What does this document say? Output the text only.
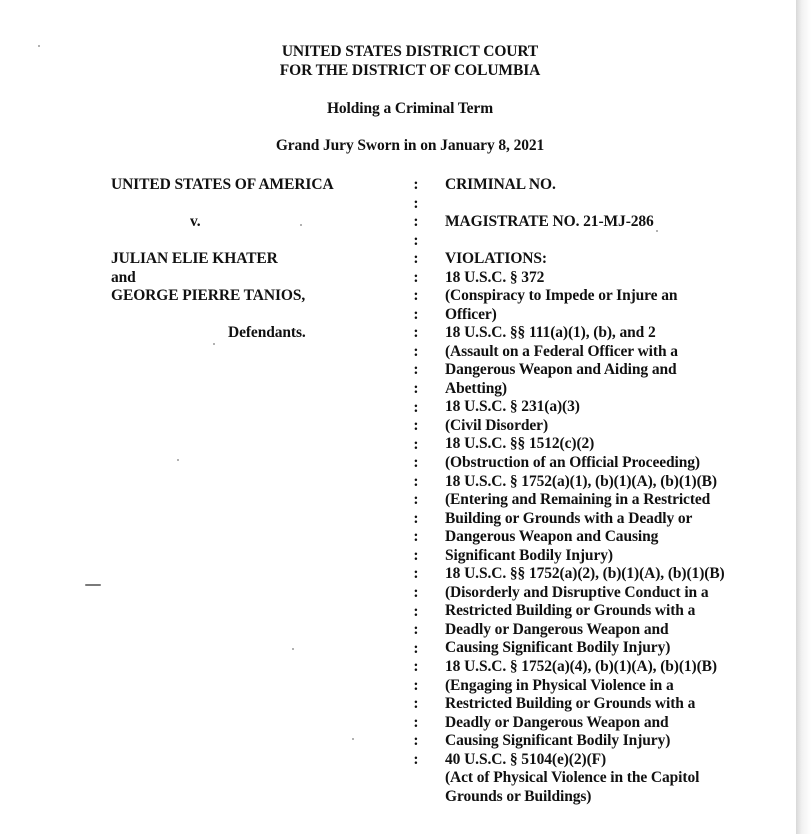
UNITED STATES DISTRICT COURT
FOR THE DISTRICT OF COLUMBIA
Holding a Criminal Term
Grand Jury Sworn in on January 8, 2021
UNITED STATES OF AMERICA
v.
JULIAN ELIE KHATER
and
GEORGE PIERRE TANIOS,
Defendants.
:
:
:
:
:
:
:
:
:
:
:
:
:
:
:
:
:
:
:
:
:
:
:
:
:
:
:
:
:
:
:
:
CRIMINAL NO.
MAGISTRATE NO. 21-MJ-286
VIOLATIONS:
18 U.S.C. § 372
(Conspiracy to Impede or Injure an
Officer)
18 U.S.C. §§ 111(a)(1), (b), and 2
(Assault on a Federal Officer with a
Dangerous Weapon and Aiding and
Abetting)
18 U.S.C. § 231(a)(3)
(Civil Disorder)
18 U.S.C. §§ 1512(c)(2)
(Obstruction of an Official Proceeding)
18 U.S.C. § 1752(a)(1), (b)(1)(A), (b)(1)(B)
(Entering and Remaining in a Restricted
Building or Grounds with a Deadly or
Dangerous Weapon and Causing
Significant Bodily Injury)
18 U.S.C. §§ 1752(a)(2), (b)(1)(A), (b)(1)(B)
(Disorderly and Disruptive Conduct in a
Restricted Building or Grounds with a
Deadly or Dangerous Weapon and
Causing Significant Bodily Injury)
18 U.S.C. § 1752(a)(4), (b)(1)(A), (b)(1)(B)
(Engaging in Physical Violence in a
Restricted Building or Grounds with a
Deadly or Dangerous Weapon and
Causing Significant Bodily Injury)
40 U.S.C. § 5104(e)(2)(F)
(Act of Physical Violence in the Capitol
Grounds or Buildings)
